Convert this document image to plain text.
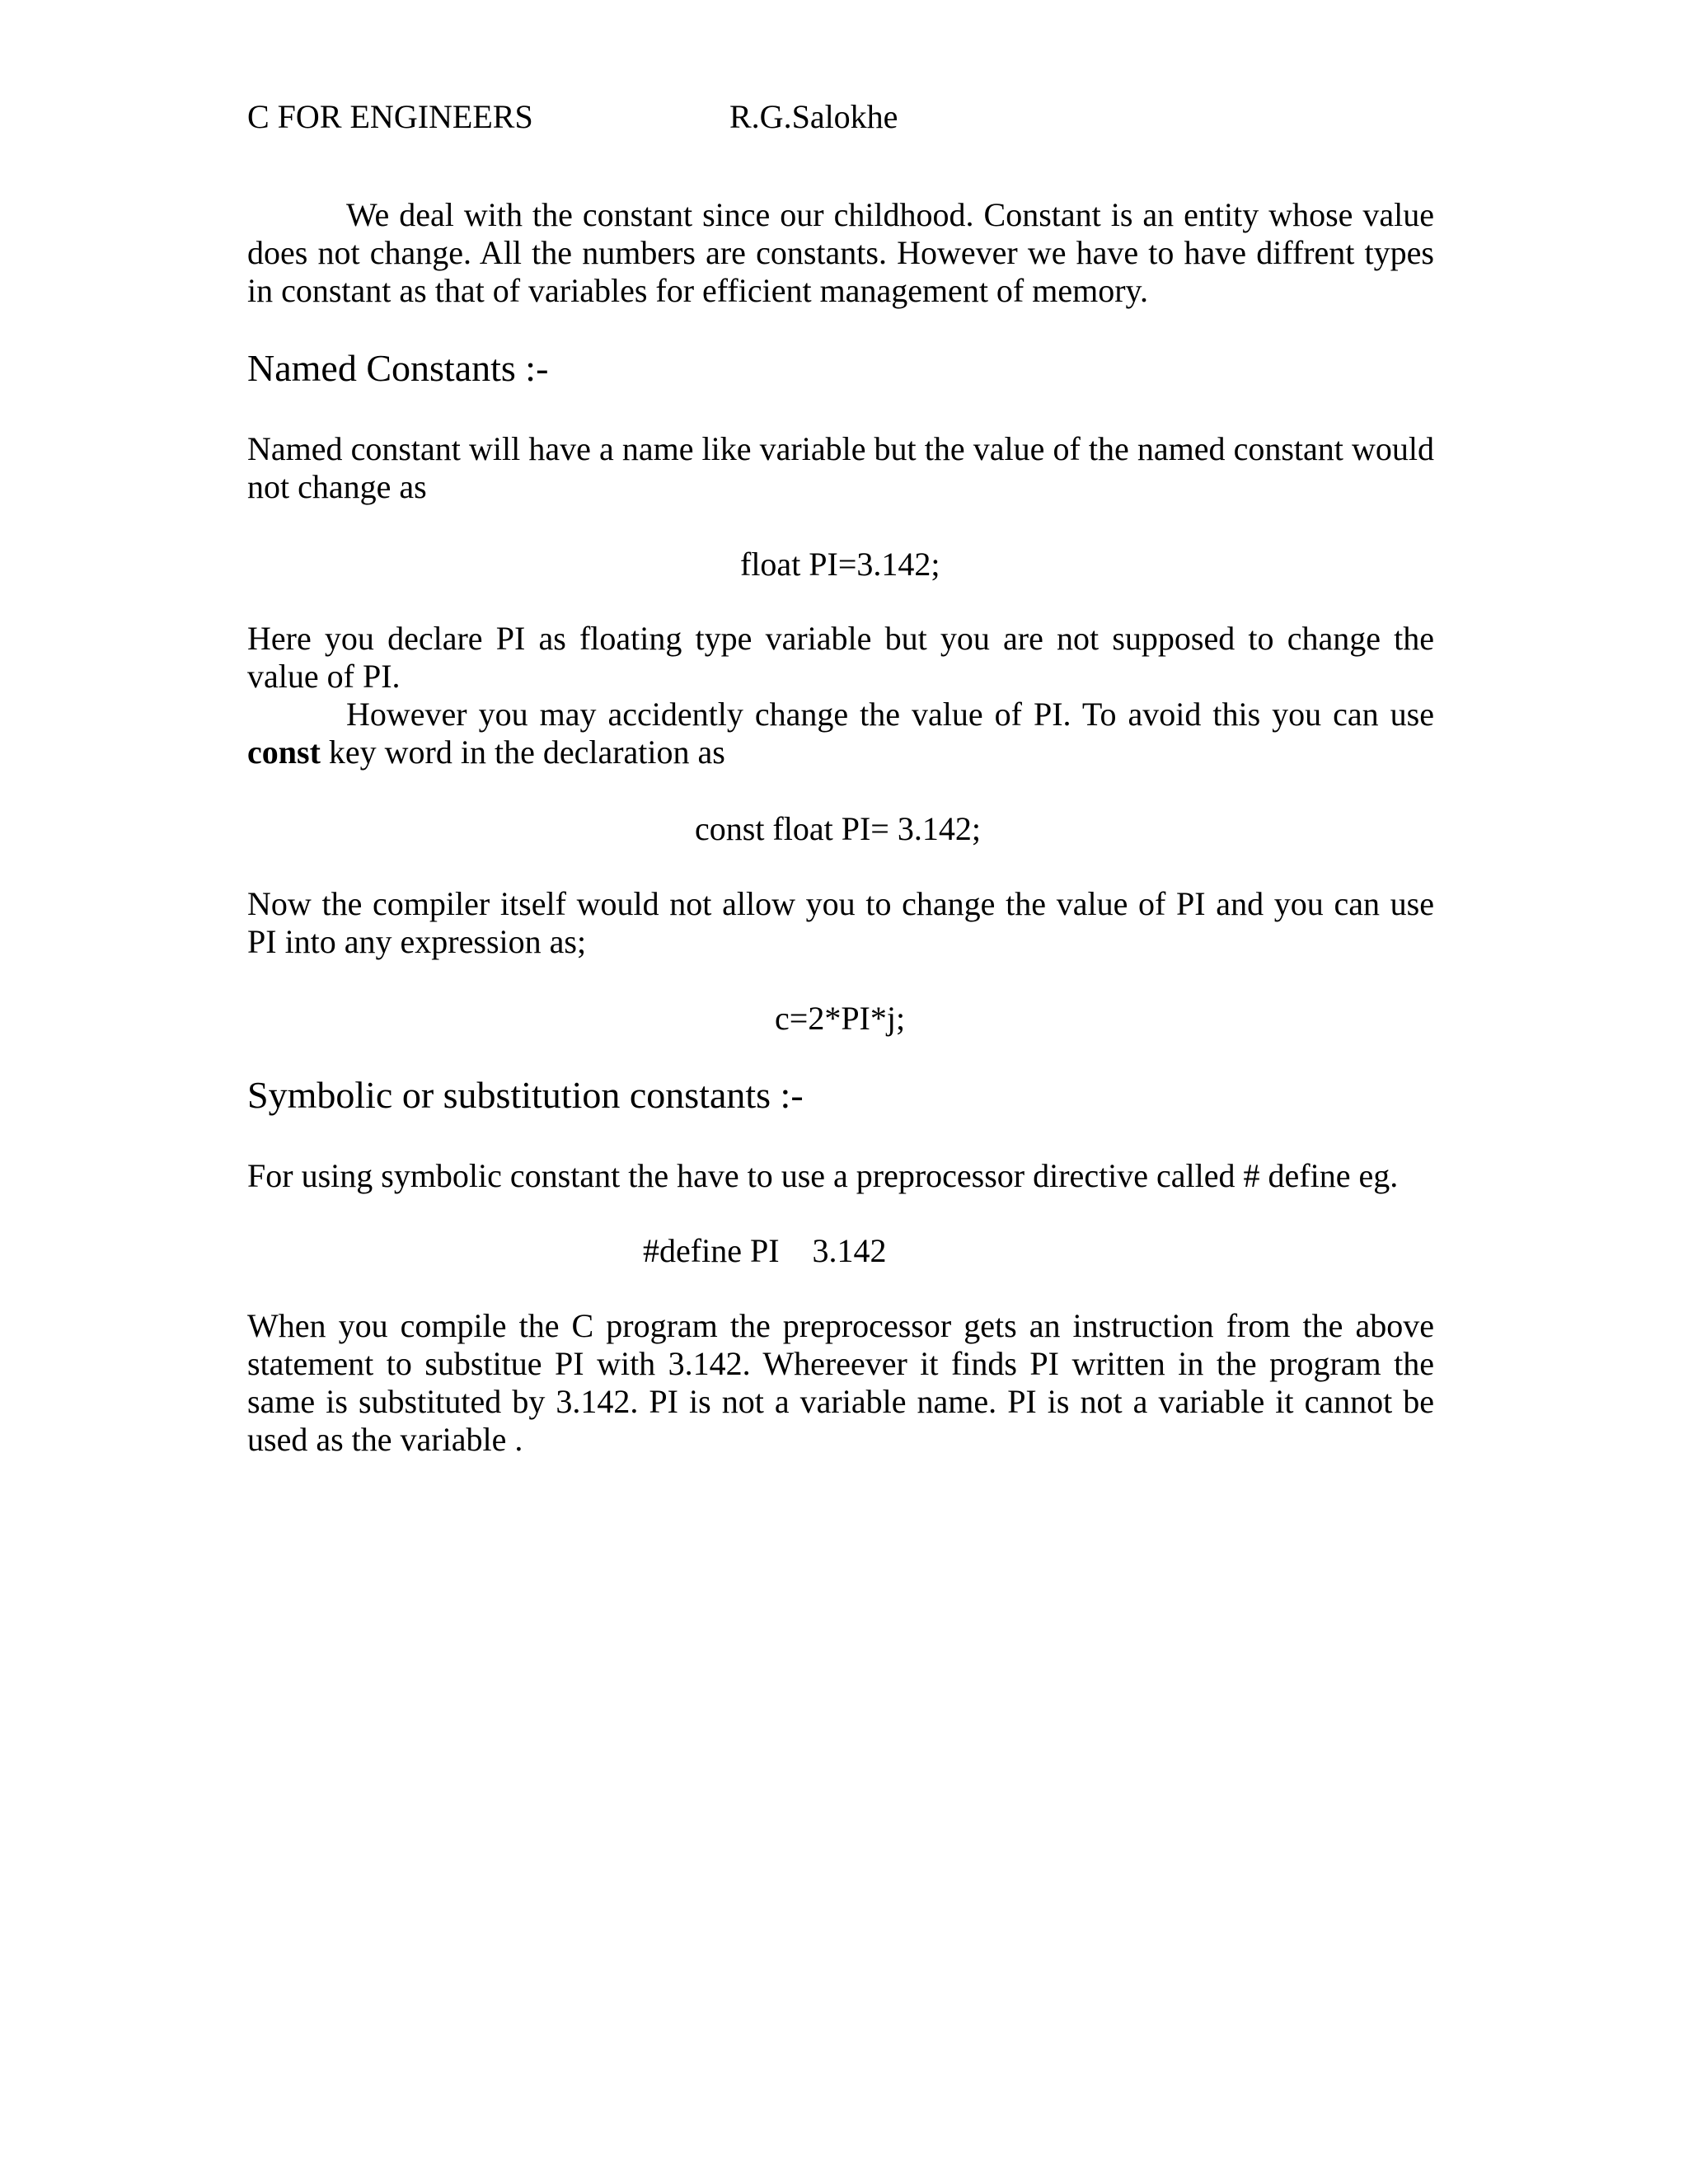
C FOR ENGINEERS	R.G.Salokhe
We deal with the constant since our childhood. Constant is an entity whose value
does not change. All the numbers are constants. However we have to have diffrent types
in constant as that of variables for efficient management of memory.
Named Constants :-
Named constant will have a name like variable but the value of the named constant would
not change as
float PI=3.142;
Here you declare PI as floating type variable but you are not supposed to change the
value of PI.
However you may accidently change the value of PI. To avoid this you can use
const key word in the declaration as
const float PI= 3.142;
Now the compiler itself would not allow you to change the value of PI and you can use
PI into any expression as;
c=2*PI*j;
Symbolic or substitution constants :-
For using symbolic constant the have to use a preprocessor directive called # define eg.
#define PI    3.142
When you compile the C program the preprocessor gets an instruction from the above
statement to substitue PI with 3.142. Whereever it finds PI written in the program the
same is substituted by 3.142. PI is not a variable name. PI is not a variable it cannot be
used as the variable .
